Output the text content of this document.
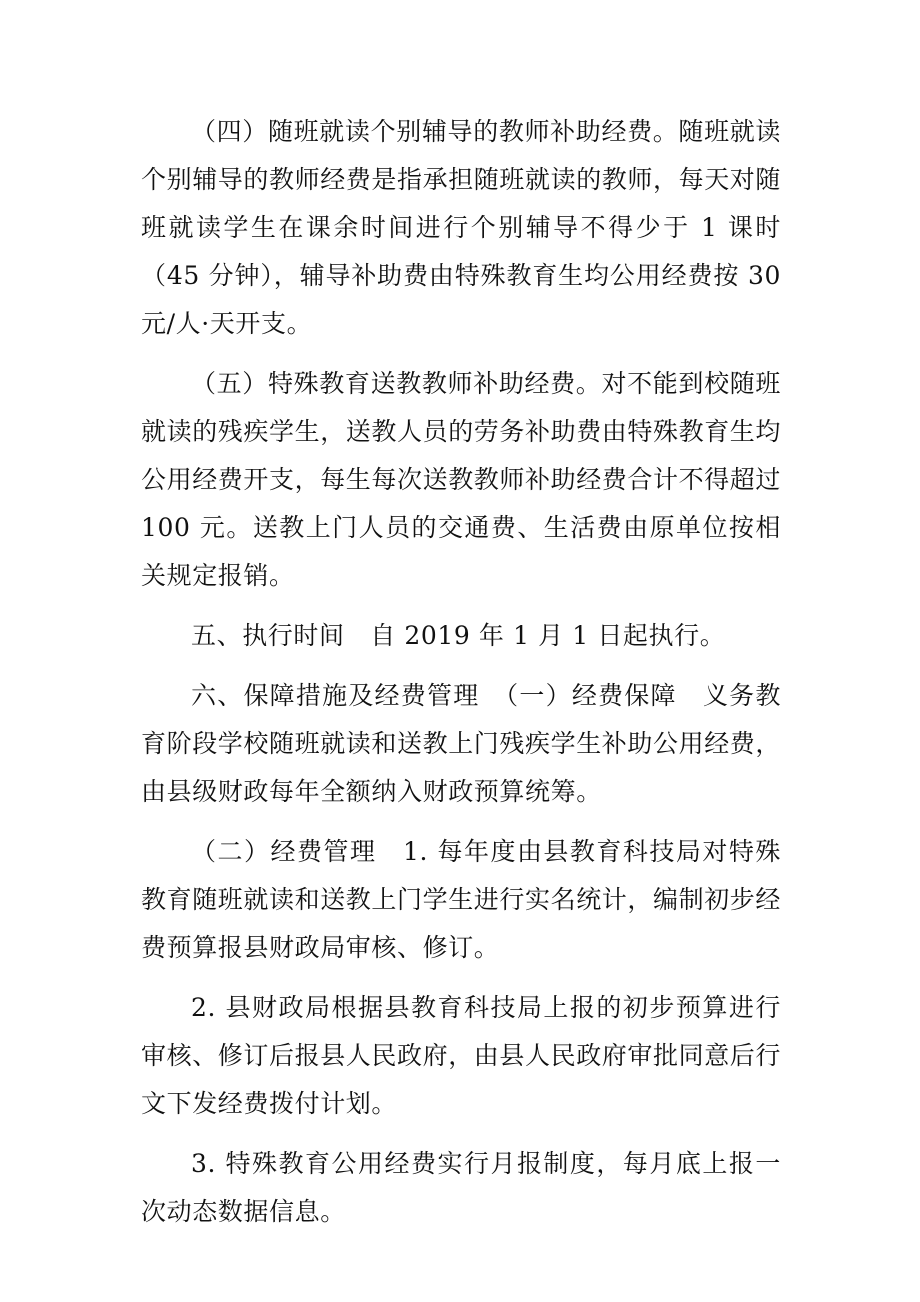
（四）随班就读个别辅导的教师补助经费。随班就读个别辅导的教师经费是指承担随班就读的教师，每天对随班就读学生在课余时间进行个别辅导不得少于 1 课时（45 分钟），辅导补助费由特殊教育生均公用经费按 30 元/人·天开支。

（五）特殊教育送教教师补助经费。对不能到校随班就读的残疾学生，送教人员的劳务补助费由特殊教育生均公用经费开支，每生每次送教教师补助经费合计不得超过 100 元。送教上门人员的交通费、生活费由原单位按相关规定报销。

五、执行时间　自 2019 年 1 月 1 日起执行。

六、保障措施及经费管理　（一）经费保障　义务教育阶段学校随班就读和送教上门残疾学生补助公用经费，由县级财政每年全额纳入财政预算统筹。

（二）经费管理　1. 每年度由县教育科技局对特殊教育随班就读和送教上门学生进行实名统计，编制初步经费预算报县财政局审核、修订。

2. 县财政局根据县教育科技局上报的初步预算进行审核、修订后报县人民政府，由县人民政府审批同意后行文下发经费拨付计划。

3. 特殊教育公用经费实行月报制度，每月底上报一次动态数据信息。
